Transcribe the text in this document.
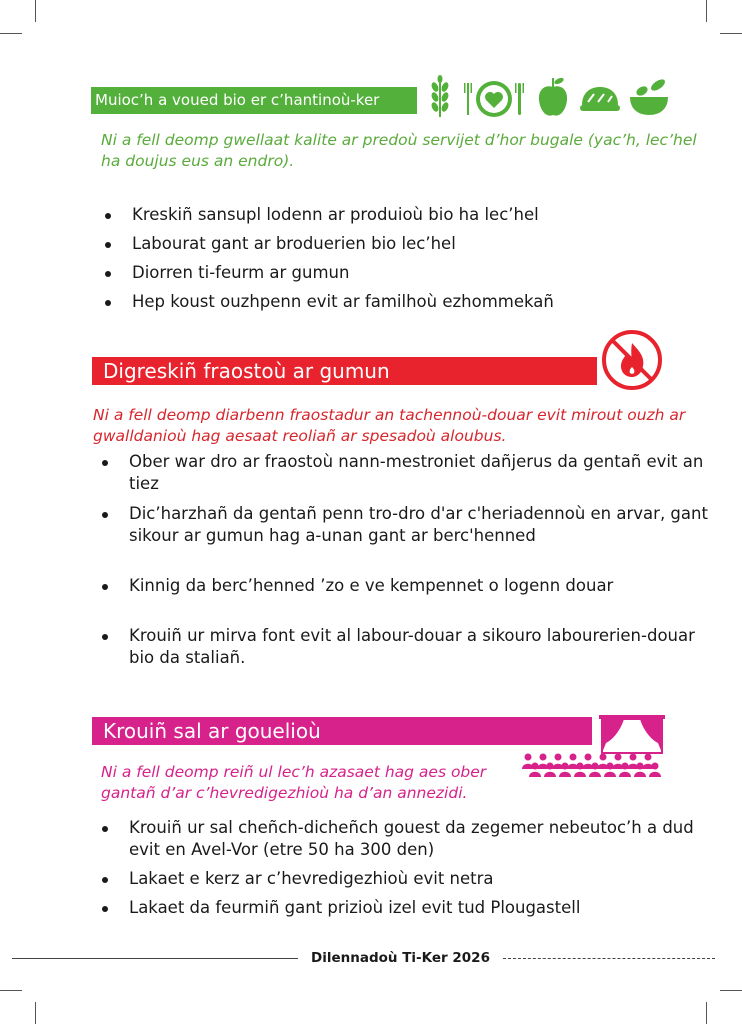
Muioc’h a voued bio er c’hantinoù-ker
Ni a fell deomp gwellaat kalite ar predoù servijet d’hor bugale (yac’h, lec’hel ha doujus eus an endro).
Kreskiñ sansupl lodenn ar produioù bio ha lec’hel
Labourat gant ar broduerien bio lec’hel
Diorren ti-feurm ar gumun
Hep koust ouzhpenn evit ar familhoù ezhommekañ
Digreskiñ fraostoù ar gumun
Ni a fell deomp diarbenn fraostadur an tachennoù-douar evit mirout ouzh ar gwalldanioù hag aesaat reoliañ ar spesadoù aloubus.
Ober war dro ar fraostoù nann-mestroniet dañjerus da gentañ evit an tiez
Dic’harzhañ da gentañ penn tro-dro d'ar c'heriadennoù en arvar, gant sikour ar gumun hag a-unan gant ar berc'henned
Kinnig da berc’henned ’zo e ve kempennet o logenn douar
Krouiñ ur mirva font evit al labour-douar a sikouro labourerien-douar bio da staliañ.
Krouiñ sal ar gouelioù
Ni a fell deomp reiñ ul lec’h azasaet hag aes ober gantañ d’ar c’hevredigezhioù ha d’an annezidi.
Krouiñ ur sal cheñch-dicheñch gouest da zegemer nebeutoc’h a dud evit en Avel-Vor (etre 50 ha 300 den)
Lakaet e kerz ar c’hevredigezhioù evit netra
Lakaet da feurmiñ gant prizioù izel evit tud Plougastell
Dilennadoù Ti-Ker 2026
